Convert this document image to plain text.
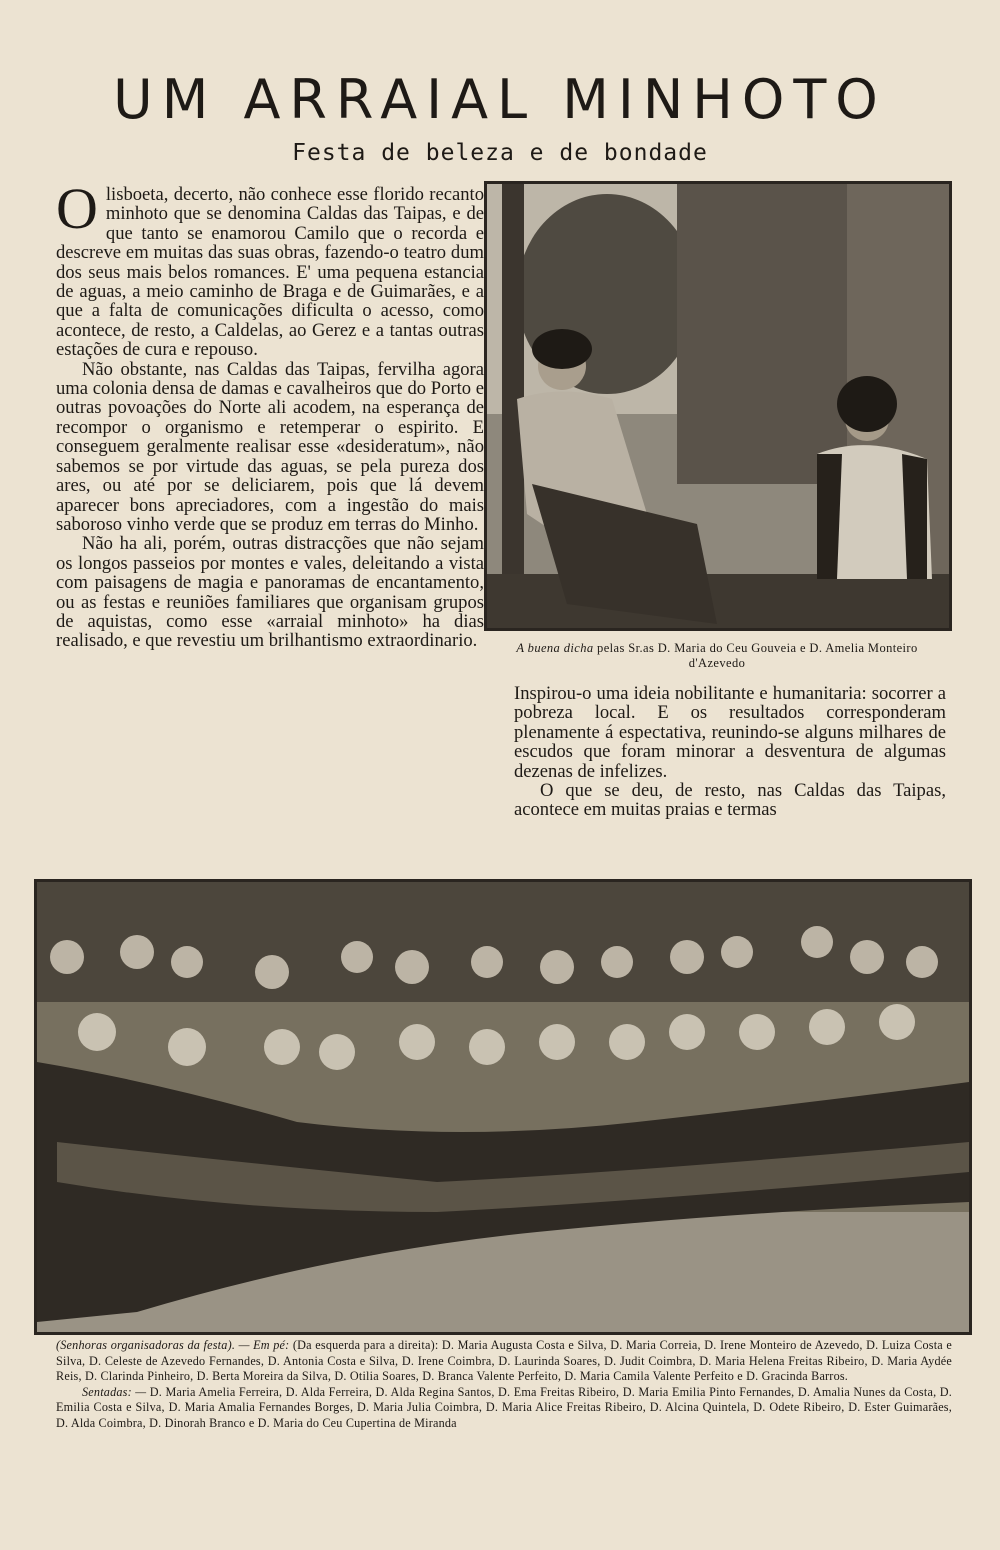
UM ARRAIAL MINHOTO
Festa de beleza e de bondade

Olisboeta, decerto, não conhece esse florido recanto minhoto que se denomina Caldas das Taipas, e de que tanto se enamorou Camilo que o recorda e descreve em muitas das suas obras, fazendo-o teatro dum dos seus mais belos romances. E' uma pequena estancia de aguas, a meio caminho de Braga e de Guimarães, e a que a falta de comunicações dificulta o acesso, como acontece, de resto, a Caldelas, ao Gerez e a tantas outras estações de cura e repouso.

Não obstante, nas Caldas das Taipas, fervilha agora uma colonia densa de damas e cavalheiros que do Porto e outras povoações do Norte ali acodem, na esperança de recompor o organismo e retemperar o espirito. E conseguem geralmente realisar esse «desideratum», não sabemos se por virtude das aguas, se pela pureza dos ares, ou até por se deliciarem, pois que lá devem aparecer bons apreciadores, com a ingestão do mais saboroso vinho verde que se produz em terras do Minho.

Não ha ali, porém, outras distracções que não sejam os longos passeios por montes e vales, deleitando a vista com paisagens de magia e panoramas de encantamento, ou as festas e reuniões familiares que organisam grupos de aquistas, como esse «arraial minhoto» ha dias realisado, e que revestiu um brilhantismo extraordinario.	A buena dicha pelas Sr.as D. Maria do Ceu Gouveia e D. Amelia Monteiro d'Azevedo

Inspirou-o uma ideia nobilitante e humanitaria: socorrer a pobreza local. E os resultados corresponderam plenamente á espectativa, reunindo-se alguns milhares de escudos que foram minorar a desventura de algumas dezenas de infelizes.

O que se deu, de resto, nas Caldas das Taipas, acontece em muitas praias e termas

(Senhoras organisadoras da festa). — Em pé: (Da esquerda para a direita): D. Maria Augusta Costa e Silva, D. Maria Correia, D. Irene Monteiro de Azevedo, D. Luiza Costa e Silva, D. Celeste de Azevedo Fernandes, D. Antonia Costa e Silva, D. Irene Coimbra, D. Laurinda Soares, D. Judit Coimbra, D. Maria Helena Freitas Ribeiro, D. Maria Aydée Reis, D. Clarinda Pinheiro, D. Berta Moreira da Silva, D. Otilia Soares, D. Branca Valente Perfeito, D. Maria Camila Valente Perfeito e D. Gracinda Barros.

Sentadas: — D. Maria Amelia Ferreira, D. Alda Ferreira, D. Alda Regina Santos, D. Ema Freitas Ribeiro, D. Maria Emilia Pinto Fernandes, D. Amalia Nunes da Costa, D. Emilia Costa e Silva, D. Maria Amalia Fernandes Borges, D. Maria Julia Coimbra, D. Maria Alice Freitas Ribeiro, D. Alcina Quintela, D. Odete Ribeiro, D. Ester Guimarães, D. Alda Coimbra, D. Dinorah Branco e D. Maria do Ceu Cupertina de Miranda
